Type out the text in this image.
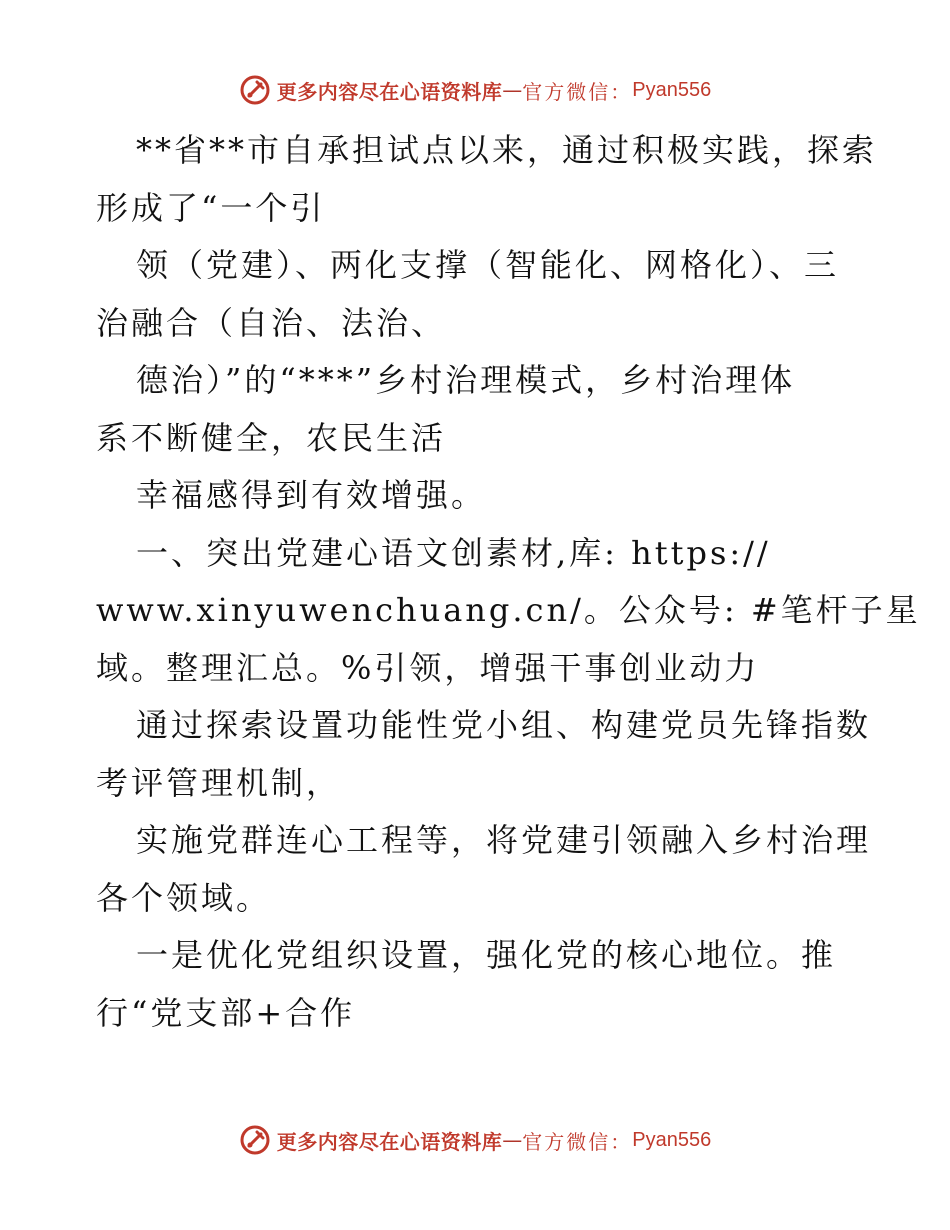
更多内容尽在心语资料库 — 官方微信： Pyan556
**省**市自承担试点以来，通过积极实践，探索
形成了“一个引
领（党建）、两化支撑（智能化、网格化）、三
治融合（自治、法治、
德治）”的“***”乡村治理模式，乡村治理体
系不断健全，农民生活
幸福感得到有效增强。
一、突出党建心语文创素材,库: https://
www.xinyuwenchuang.cn/。公众号: #笔杆子星
域。整理汇总。%引领，增强干事创业动力
通过探索设置功能性党小组、构建党员先锋指数
考评管理机制，
实施党群连心工程等，将党建引领融入乡村治理
各个领域。
一是优化党组织设置，强化党的核心地位。推
行“党支部+合作
更多内容尽在心语资料库 — 官方微信： Pyan556
